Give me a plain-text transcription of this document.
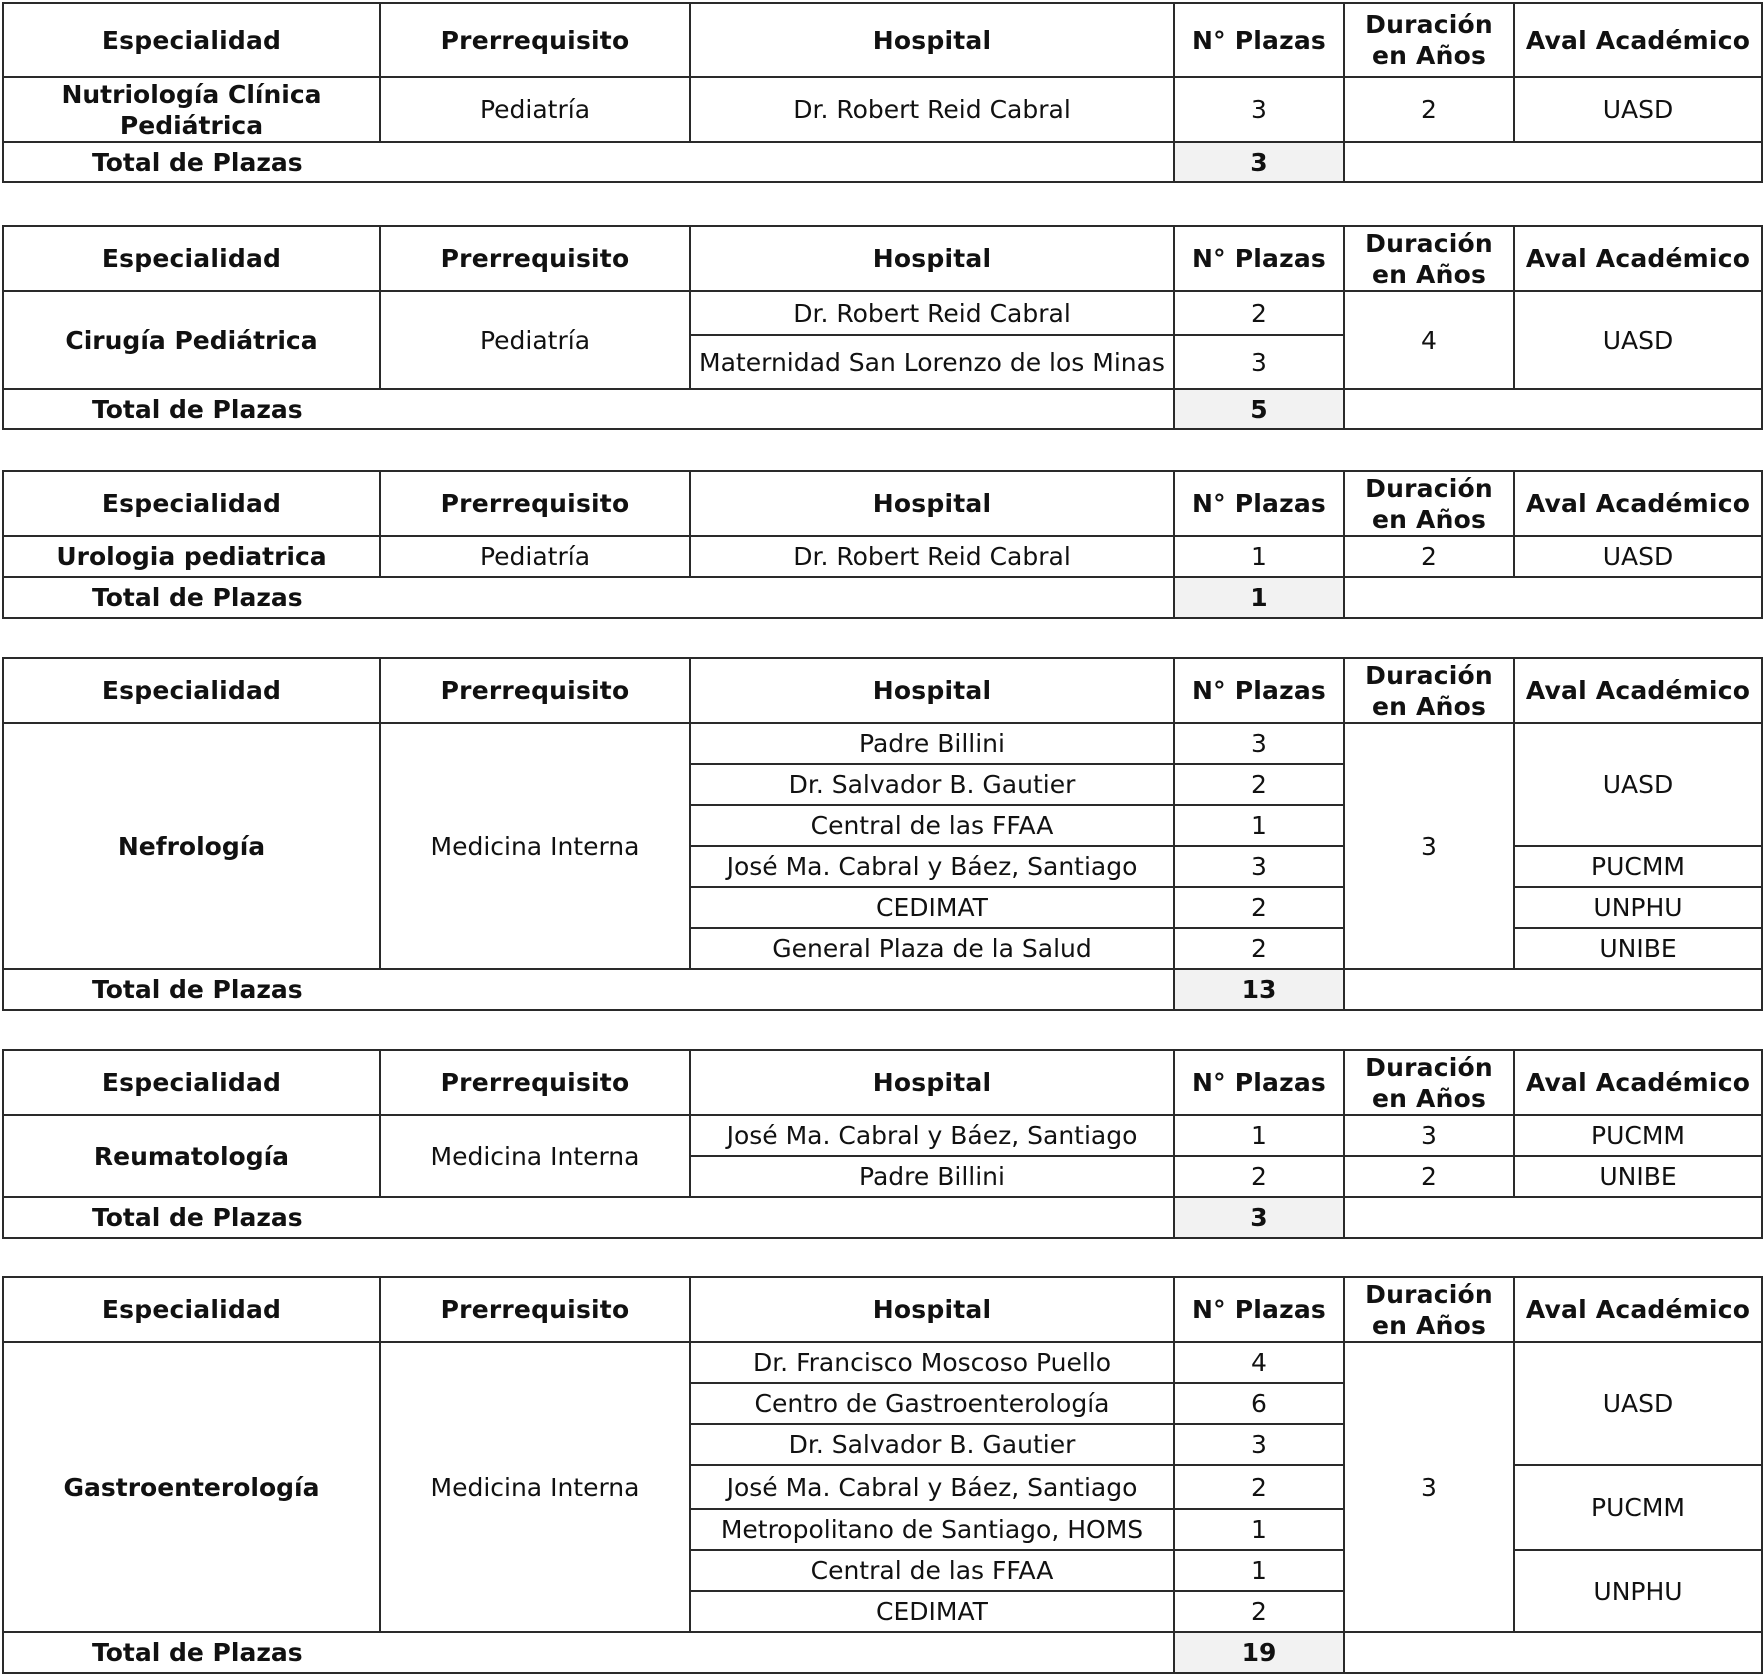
Especialidad	Prerrequisito	Hospital	N° Plazas	Duración en Años	Aval Académico
Nutriología Clínica Pediátrica	Pediatría	Dr. Robert Reid Cabral	3	2	UASD
Total de Plazas			3		
Especialidad	Prerrequisito	Hospital	N° Plazas	Duración en Años	Aval Académico
Cirugía Pediátrica	Pediatría	Dr. Robert Reid Cabral	2	4	UASD
		Maternidad San Lorenzo de los Minas	3		
Total de Plazas			5		
Especialidad	Prerrequisito	Hospital	N° Plazas	Duración en Años	Aval Académico
Urologia pediatrica	Pediatría	Dr. Robert Reid Cabral	1	2	UASD
Total de Plazas			1		
Especialidad	Prerrequisito	Hospital	N° Plazas	Duración en Años	Aval Académico
Nefrología	Medicina Interna	Padre Billini	3	3	UASD
		Dr. Salvador B. Gautier	2		
		Central de las FFAA	1		
		José Ma. Cabral y Báez, Santiago	3		PUCMM
		CEDIMAT	2		UNPHU
		General Plaza de la Salud	2		UNIBE
Total de Plazas			13		
Especialidad	Prerrequisito	Hospital	N° Plazas	Duración en Años	Aval Académico
Reumatología	Medicina Interna	José Ma. Cabral y Báez, Santiago	1	3	PUCMM
		Padre Billini	2	2	UNIBE
Total de Plazas			3		
Especialidad	Prerrequisito	Hospital	N° Plazas	Duración en Años	Aval Académico
Gastroenterología	Medicina Interna	Dr. Francisco Moscoso Puello	4	3	UASD
		Centro de Gastroenterología	6		
		Dr. Salvador B. Gautier	3		
		José Ma. Cabral y Báez, Santiago	2		PUCMM
		Metropolitano de Santiago, HOMS	1		
		Central de las FFAA	1		UNPHU
		CEDIMAT	2		
Total de Plazas			19		
